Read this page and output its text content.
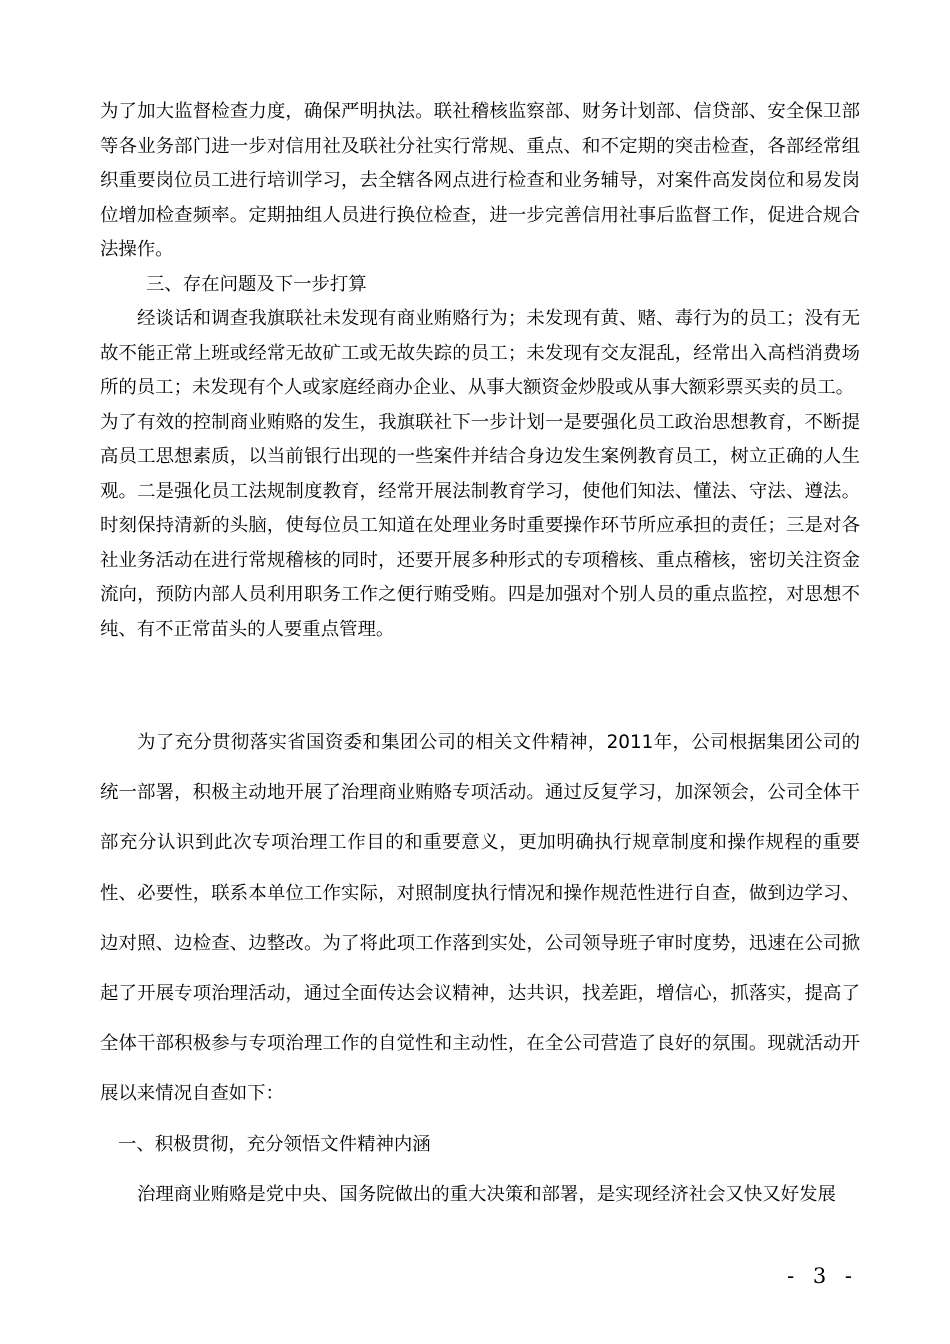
为了加大监督检查力度，确保严明执法。联社稽核监察部、财务计划部、信贷部、安全保卫部等各业务部门进一步对信用社及联社分社实行常规、重点、和不定期的突击检查，各部经常组织重要岗位员工进行培训学习，去全辖各网点进行检查和业务辅导，对案件高发岗位和易发岗位增加检查频率。定期抽组人员进行换位检查，进一步完善信用社事后监督工作，促进合规合法操作。

三、存在问题及下一步打算

经谈话和调查我旗联社未发现有商业贿赂行为；未发现有黄、赌、毒行为的员工；没有无故不能正常上班或经常无故矿工或无故失踪的员工；未发现有交友混乱，经常出入高档消费场所的员工；未发现有个人或家庭经商办企业、从事大额资金炒股或从事大额彩票买卖的员工。

为了有效的控制商业贿赂的发生，我旗联社下一步计划一是要强化员工政治思想教育，不断提高员工思想素质，以当前银行出现的一些案件并结合身边发生案例教育员工，树立正确的人生观。二是强化员工法规制度教育，经常开展法制教育学习，使他们知法、懂法、守法、遵法。时刻保持清新的头脑，使每位员工知道在处理业务时重要操作环节所应承担的责任；三是对各社业务活动在进行常规稽核的同时，还要开展多种形式的专项稽核、重点稽核，密切关注资金流向，预防内部人员利用职务工作之便行贿受贿。四是加强对个别人员的重点监控，对思想不纯、有不正常苗头的人要重点管理。

为了充分贯彻落实省国资委和集团公司的相关文件精神，2011年，公司根据集团公司的统一部署，积极主动地开展了治理商业贿赂专项活动。通过反复学习，加深领会，公司全体干部充分认识到此次专项治理工作目的和重要意义，更加明确执行规章制度和操作规程的重要性、必要性，联系本单位工作实际，对照制度执行情况和操作规范性进行自查，做到边学习、边对照、边检查、边整改。为了将此项工作落到实处，公司领导班子审时度势，迅速在公司掀起了开展专项治理活动，通过全面传达会议精神，达共识，找差距，增信心，抓落实，提高了全体干部积极参与专项治理工作的自觉性和主动性，在全公司营造了良好的氛围。现就活动开展以来情况自查如下：

一、积极贯彻，充分领悟文件精神内涵

治理商业贿赂是党中央、国务院做出的重大决策和部署，是实现经济社会又快又好发展

- 3 -
